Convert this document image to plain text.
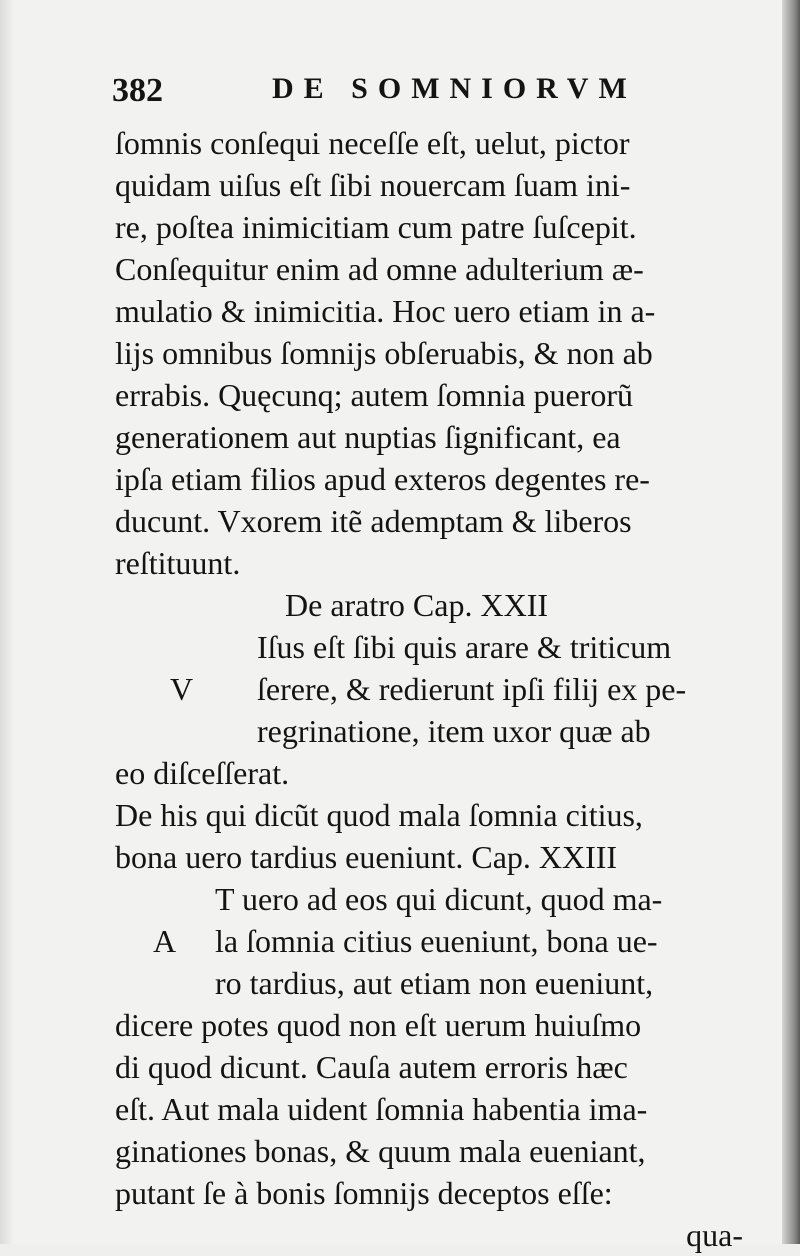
382	DE SOMNIORVM
ſomnis conſequi neceſſe eſt, uelut, pictor
quidam uiſus eſt ſibi nouercam ſuam ini-
re, poſtea inimicitiam cum patre ſuſcepit.
Conſequitur enim ad omne adulterium æ-
mulatio & inimicitia. Hoc uero etiam in a-
lijs omnibus ſomnijs obſeruabis, & non ab
errabis. Quęcunq; autem ſomnia puerorũ
generationem aut nuptias ſignificant, ea
ipſa etiam filios apud exteros degentes re-
ducunt. Vxorem itẽ ademptam & liberos
reſtituunt.
De aratro Cap. XXII
Iſus eſt ſibi quis arare & triticum
V ſerere, & redierunt ipſi filij ex pe-
regrinatione, item uxor quæ ab
eo diſceſſerat.
De his qui dicũt quod mala ſomnia citius,
bona uero tardius eueniunt. Cap. XXIII
T uero ad eos qui dicunt, quod ma-
A la ſomnia citius eueniunt, bona ue-
ro tardius, aut etiam non eueniunt,
dicere potes quod non eſt uerum huiuſmo
di quod dicunt. Cauſa autem erroris hæc
eſt. Aut mala uident ſomnia habentia ima-
ginationes bonas, & quum mala eueniant,
putant ſe à bonis ſomnijs deceptos eſſe:
qua-
